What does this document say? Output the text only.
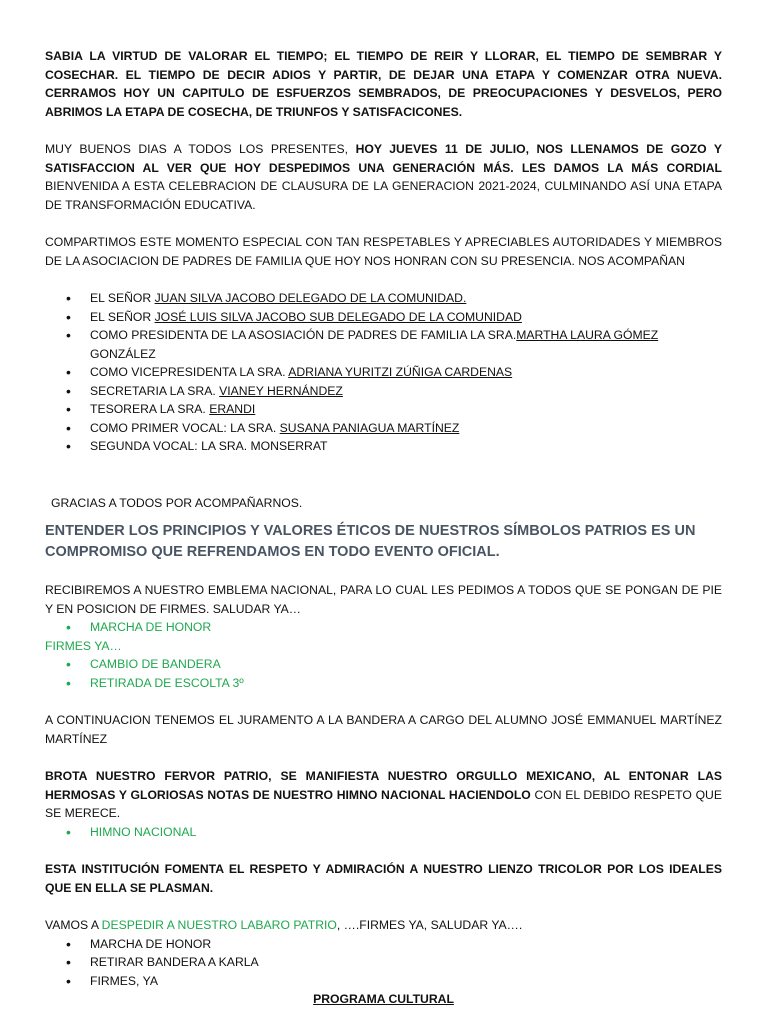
SABIA LA VIRTUD DE VALORAR EL TIEMPO; EL TIEMPO DE REIR Y LLORAR, EL TIEMPO DE SEMBRAR Y COSECHAR. EL TIEMPO DE DECIR ADIOS Y PARTIR, DE DEJAR UNA ETAPA Y COMENZAR OTRA NUEVA. CERRAMOS HOY UN CAPITULO DE ESFUERZOS SEMBRADOS, DE PREOCUPACIONES Y DESVELOS, PERO ABRIMOS LA ETAPA DE COSECHA, DE TRIUNFOS Y SATISFACICONES.

MUY BUENOS DIAS A TODOS LOS PRESENTES, HOY JUEVES 11 DE JULIO, NOS LLENAMOS DE GOZO Y SATISFACCION AL VER QUE HOY DESPEDIMOS UNA GENERACIÓN MÁS. LES DAMOS LA MÁS CORDIAL BIENVENIDA A ESTA CELEBRACION DE CLAUSURA DE LA GENERACION 2021-2024, CULMINANDO ASÍ UNA ETAPA DE TRANSFORMACIÓN EDUCATIVA.

COMPARTIMOS ESTE MOMENTO ESPECIAL CON TAN RESPETABLES Y APRECIABLES AUTORIDADES Y MIEMBROS DE LA ASOCIACION DE PADRES DE FAMILIA QUE HOY NOS HONRAN CON SU PRESENCIA. NOS ACOMPAÑAN

• EL SEÑOR JUAN SILVA JACOBO DELEGADO DE LA COMUNIDAD.
• EL SEÑOR JOSÉ LUIS SILVA JACOBO SUB DELEGADO DE LA COMUNIDAD
• COMO PRESIDENTA DE LA ASOSIACIÓN DE PADRES DE FAMILIA LA SRA.MARTHA LAURA GÓMEZ GONZÁLEZ
• COMO VICEPRESIDENTA LA SRA. ADRIANA YURITZI ZÚÑIGA CARDENAS
• SECRETARIA LA SRA. VIANEY HERNÁNDEZ
• TESORERA LA SRA. ERANDI
• COMO PRIMER VOCAL: LA SRA. SUSANA PANIAGUA MARTÍNEZ
• SEGUNDA VOCAL: LA SRA. MONSERRAT

GRACIAS A TODOS POR ACOMPAÑARNOS.

ENTENDER LOS PRINCIPIOS Y VALORES ÉTICOS DE NUESTROS SÍMBOLOS PATRIOS ES UN COMPROMISO QUE REFRENDAMOS EN TODO EVENTO OFICIAL.

RECIBIREMOS A NUESTRO EMBLEMA NACIONAL, PARA LO CUAL LES PEDIMOS A TODOS QUE SE PONGAN DE PIE Y EN POSICION DE FIRMES. SALUDAR YA…

• MARCHA DE HONOR

FIRMES YA…

• CAMBIO DE BANDERA
• RETIRADA DE ESCOLTA 3º

A CONTINUACION TENEMOS EL JURAMENTO A LA BANDERA A CARGO DEL ALUMNO JOSÉ EMMANUEL MARTÍNEZ MARTÍNEZ

BROTA NUESTRO FERVOR PATRIO, SE MANIFIESTA NUESTRO ORGULLO MEXICANO, AL ENTONAR LAS HERMOSAS Y GLORIOSAS NOTAS DE NUESTRO HIMNO NACIONAL HACIENDOLO CON EL DEBIDO RESPETO QUE SE MERECE.

• HIMNO NACIONAL

ESTA INSTITUCIÓN FOMENTA EL RESPETO Y ADMIRACIÓN A NUESTRO LIENZO TRICOLOR POR LOS IDEALES QUE EN ELLA SE PLASMAN.

VAMOS A DESPEDIR A NUESTRO LABARO PATRIO, ….FIRMES YA, SALUDAR YA….

• MARCHA DE HONOR
• RETIRAR BANDERA A KARLA
• FIRMES, YA

PROGRAMA CULTURAL
